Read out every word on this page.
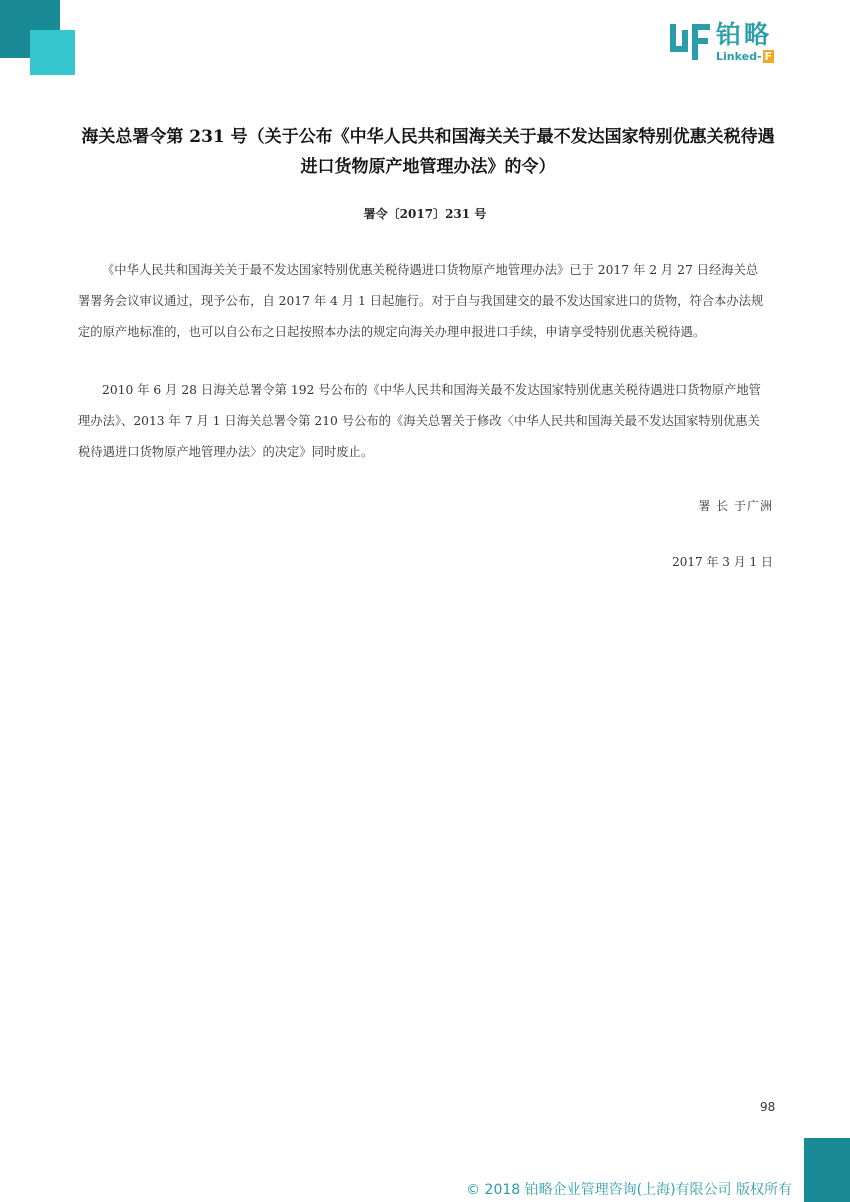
铂略
Linked- F
海关总署令第 231 号（关于公布《中华人民共和国海关关于最不发达国家特别优惠关税待遇
进口货物原产地管理办法》的令）
署令〔2017〕231 号
《中华人民共和国海关关于最不发达国家特别优惠关税待遇进口货物原产地管理办法》已于 2017 年 2 月 27 日经海关总
署署务会议审议通过，现予公布，自 2017 年 4 月 1 日起施行。对于自与我国建交的最不发达国家进口的货物，符合本办法规
定的原产地标准的，也可以自公布之日起按照本办法的规定向海关办理申报进口手续，申请享受特别优惠关税待遇。
2010 年 6 月 28 日海关总署令第 192 号公布的《中华人民共和国海关最不发达国家特别优惠关税待遇进口货物原产地管
理办法》、2013 年 7 月 1 日海关总署令第 210 号公布的《海关总署关于修改〈中华人民共和国海关最不发达国家特别优惠关
税待遇进口货物原产地管理办法〉的决定》同时废止。
署 长 于广洲
2017 年 3 月 1 日
98
© 2018 铂略企业管理咨询(上海)有限公司 版权所有
